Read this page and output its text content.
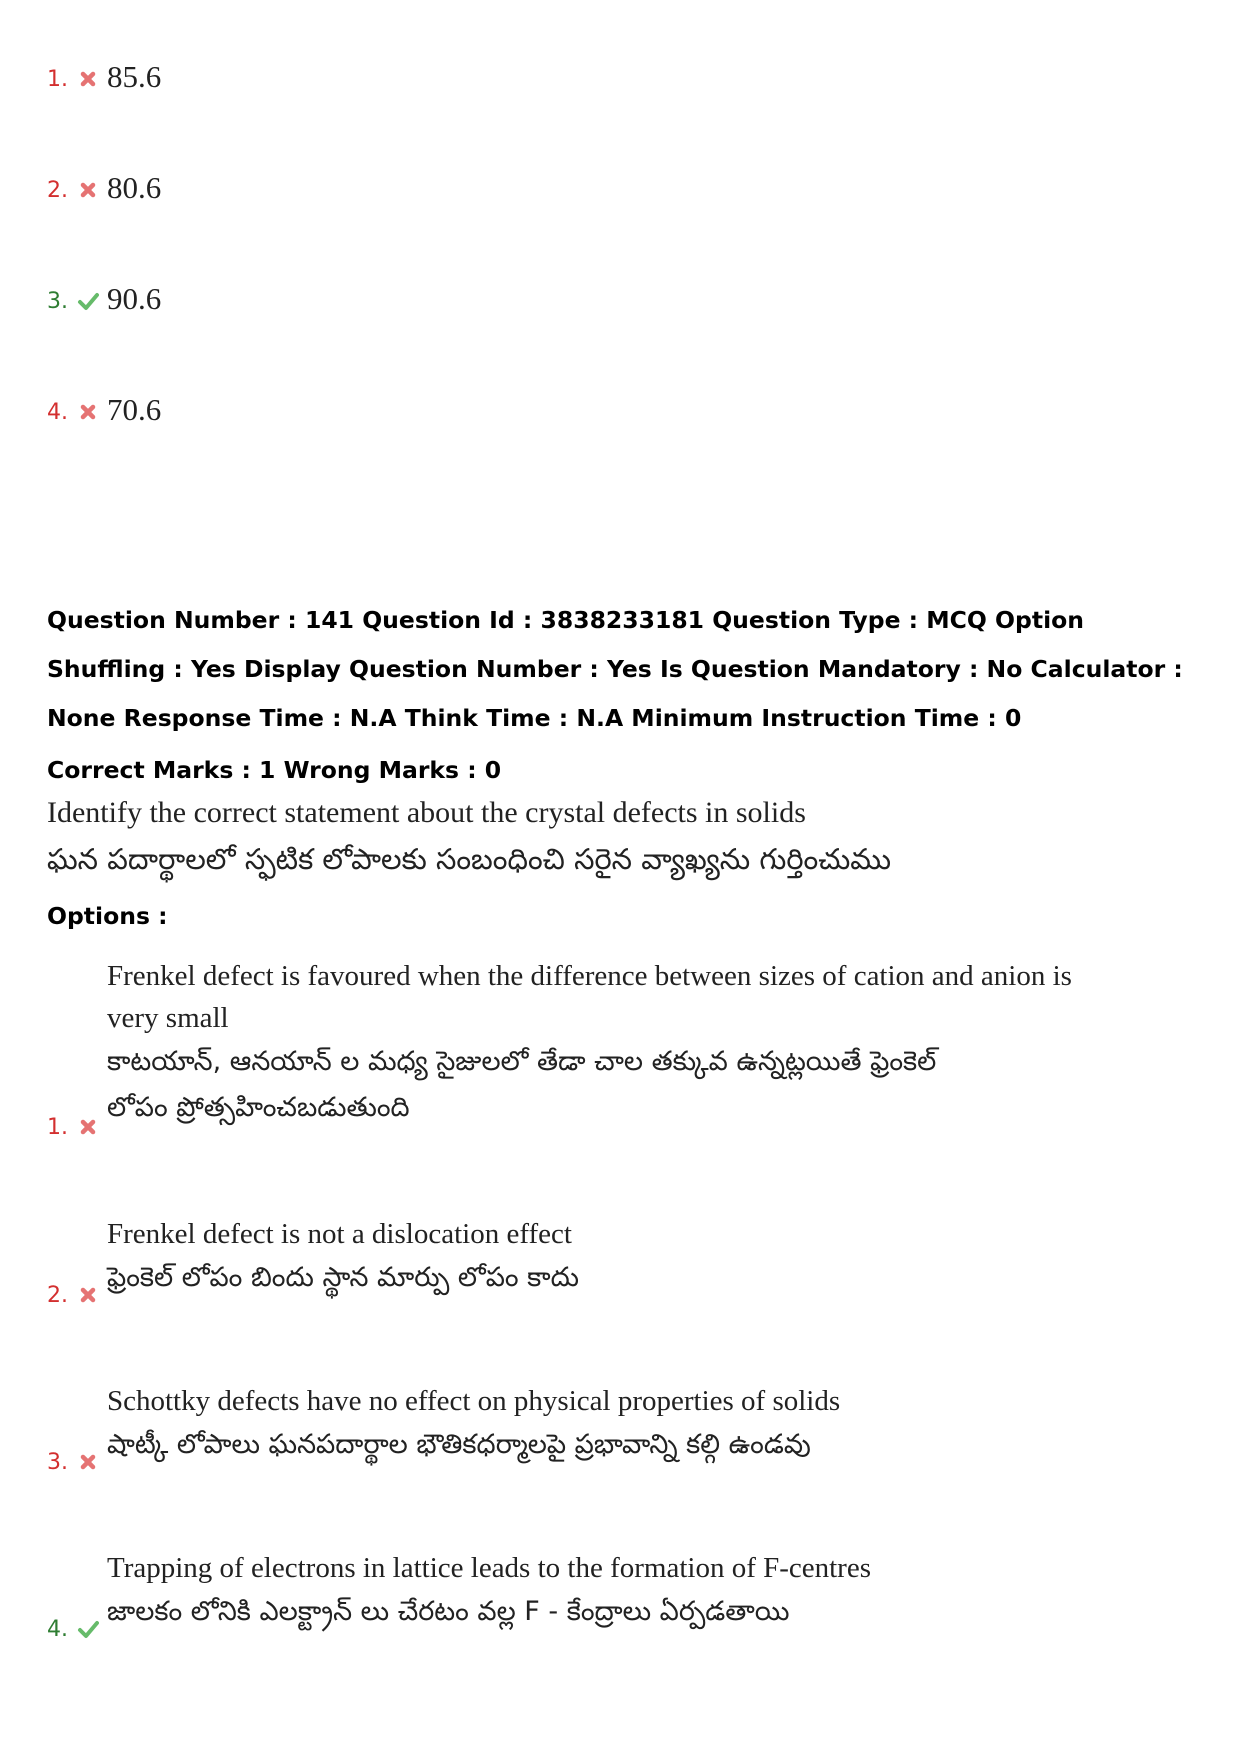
1. 85.6
2. 80.6
3. 90.6
4. 70.6
Question Number : 141 Question Id : 3838233181 Question Type : MCQ Option Shuffling : Yes Display Question Number : Yes Is Question Mandatory : No Calculator : None Response Time : N.A Think Time : N.A Minimum Instruction Time : 0
Correct Marks : 1 Wrong Marks : 0
Identify the correct statement about the crystal defects in solids
ఘన పదార్థాలలో స్ఫటిక లోపాలకు సంబంధించి సరైన వ్యాఖ్యను గుర్తించుము
Options :
Frenkel defect is favoured when the difference between sizes of cation and anion is
very small
కాటయాన్, ఆనయాన్ ల మధ్య సైజులలో తేడా చాల తక్కువ ఉన్నట్లయితే ఫ్రెంకెల్
లోపం ప్రోత్సహించబడుతుంది
1.
Frenkel defect is not a dislocation effect
ఫ్రెంకెల్ లోపం బిందు స్థాన మార్పు లోపం కాదు
2.
Schottky defects have no effect on physical properties of solids
షాట్కీ లోపాలు ఘనపదార్థాల భౌతికధర్మాలపై ప్రభావాన్ని కల్గి ఉండవు
3.
Trapping of electrons in lattice leads to the formation of F-centres
జాలకం లోనికి ఎలక్ట్రాన్ లు చేరటం వల్ల F - కేంద్రాలు ఏర్పడతాయి
4.
